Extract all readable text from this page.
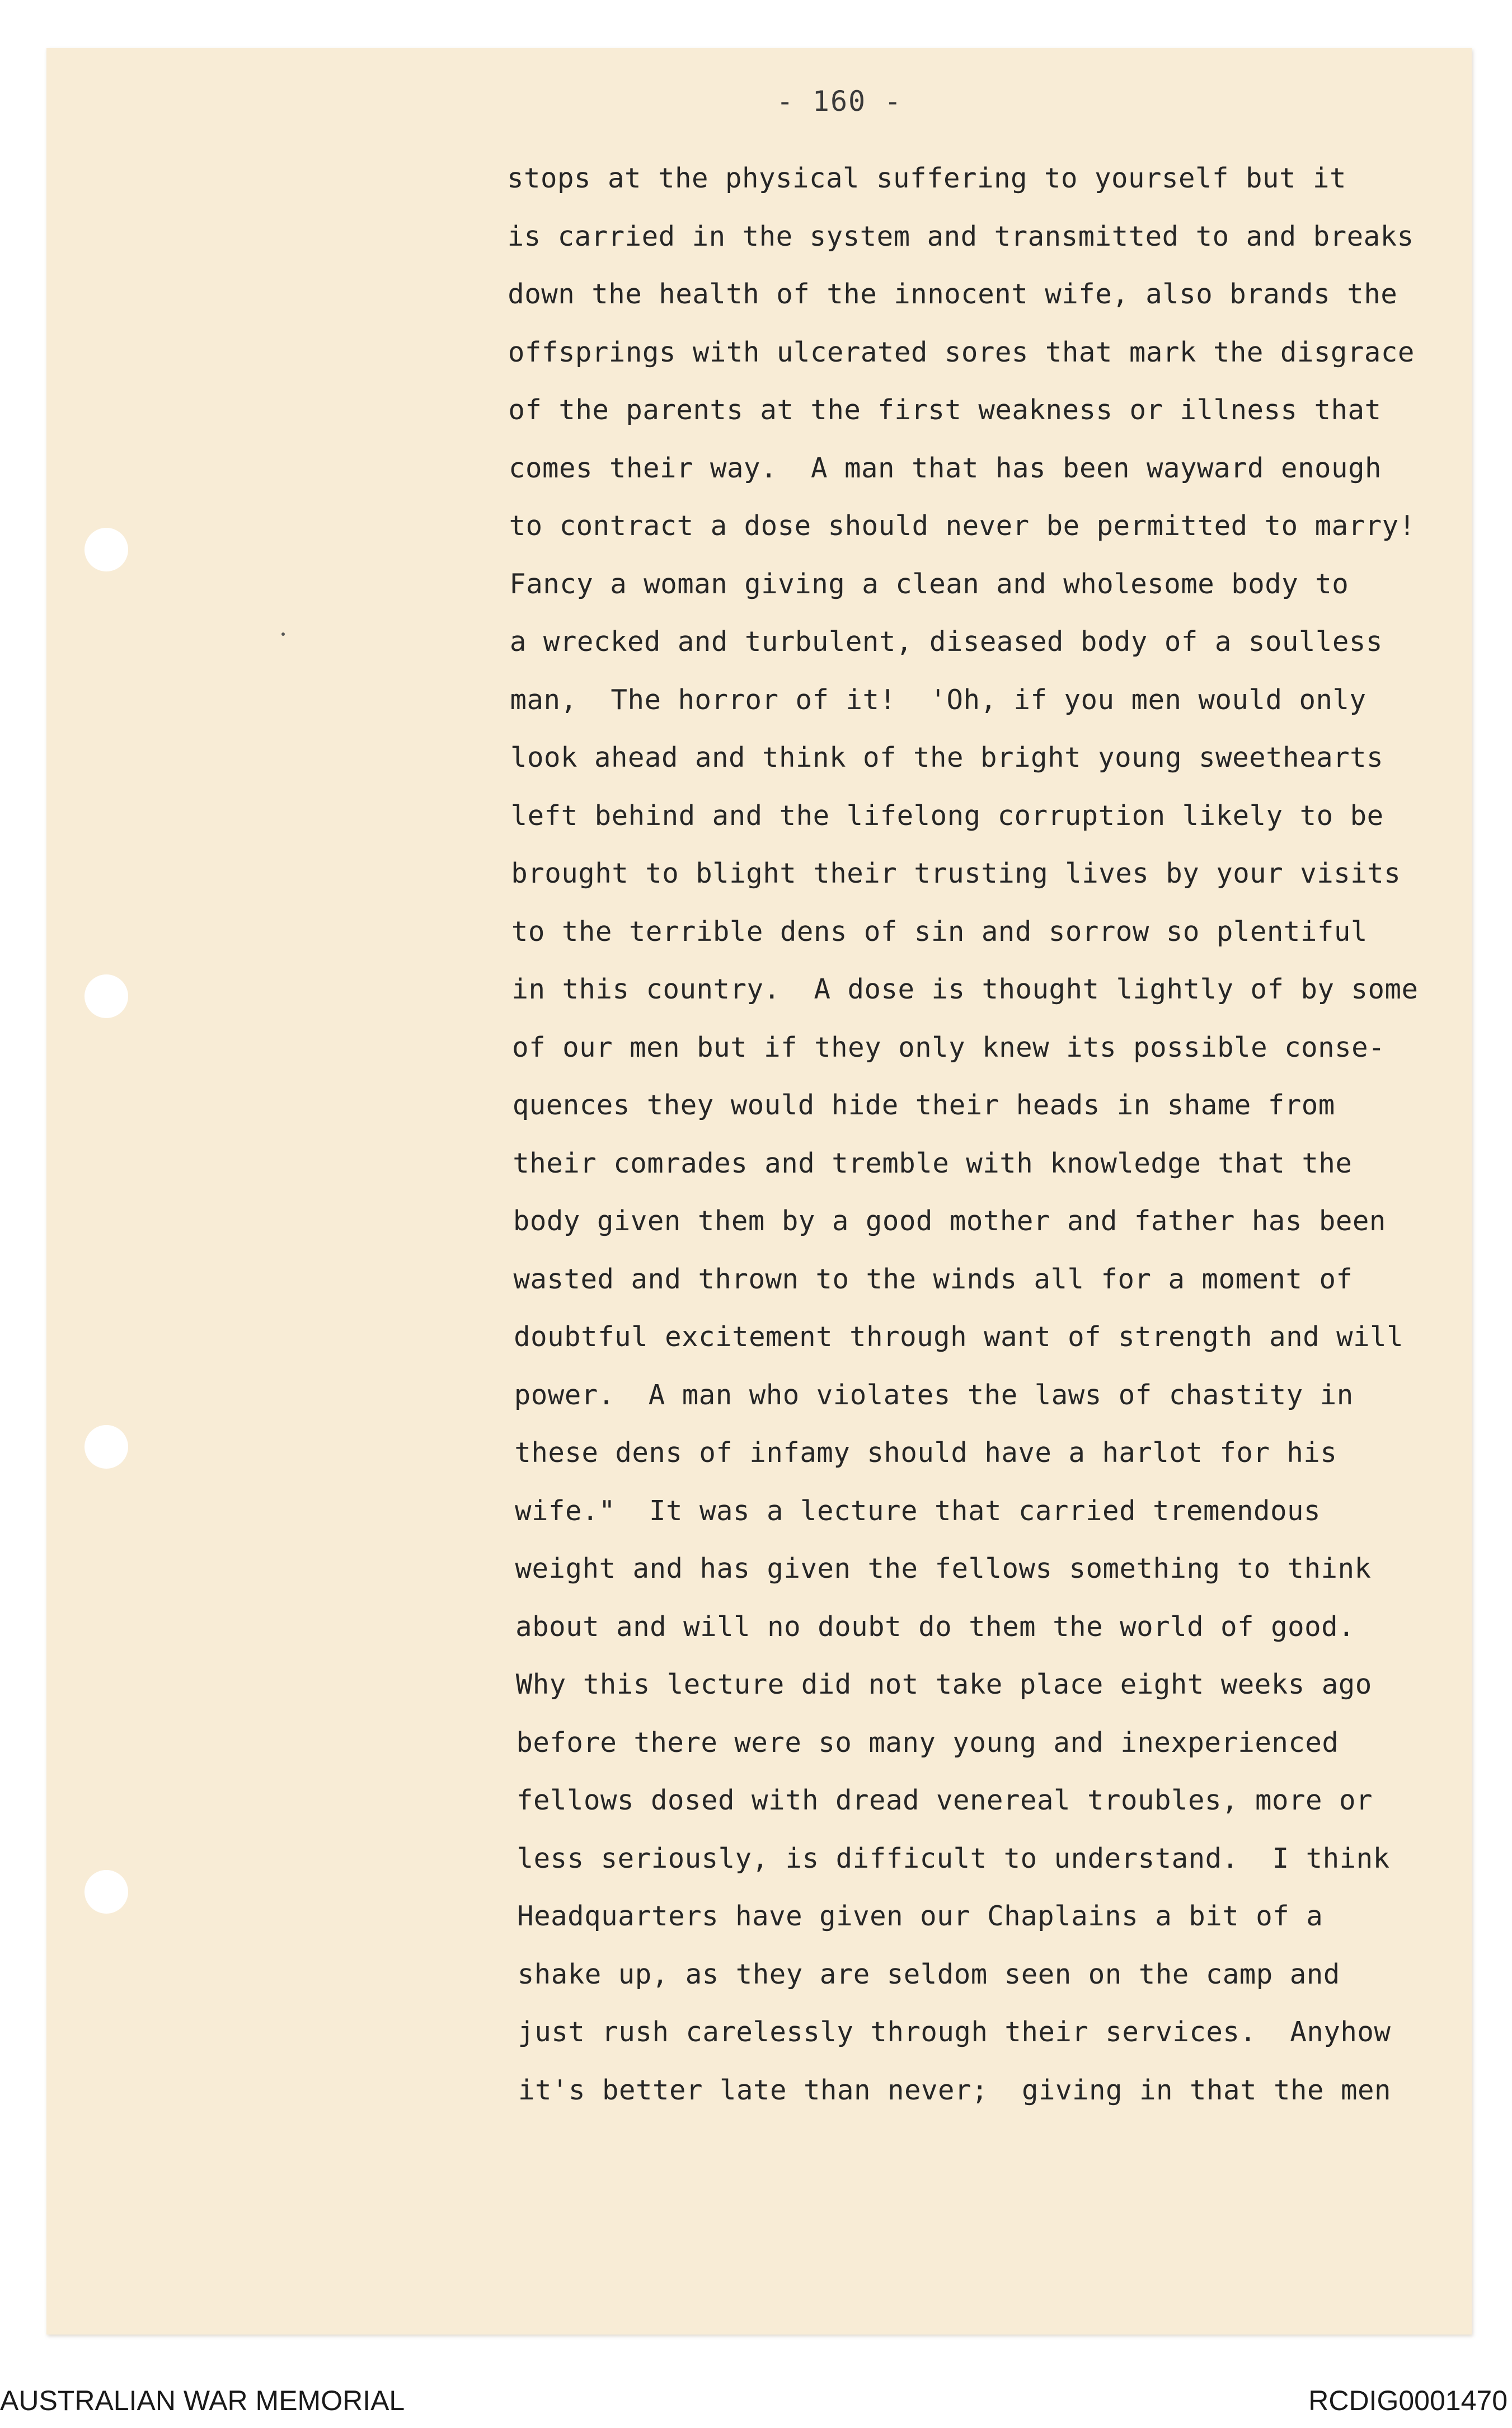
- 160 -
stops at the physical suffering to yourself but it
is carried in the system and transmitted to and breaks
down the health of the innocent wife, also brands the
offsprings with ulcerated sores that mark the disgrace
of the parents at the first weakness or illness that
comes their way.  A man that has been wayward enough
to contract a dose should never be permitted to marry!
Fancy a woman giving a clean and wholesome body to
a wrecked and turbulent, diseased body of a soulless
man,  The horror of it!  'Oh, if you men would only
look ahead and think of the bright young sweethearts
left behind and the lifelong corruption likely to be
brought to blight their trusting lives by your visits
to the terrible dens of sin and sorrow so plentiful
in this country.  A dose is thought lightly of by some
of our men but if they only knew its possible conse-
quences they would hide their heads in shame from
their comrades and tremble with knowledge that the
body given them by a good mother and father has been
wasted and thrown to the winds all for a moment of
doubtful excitement through want of strength and will
power.  A man who violates the laws of chastity in
these dens of infamy should have a harlot for his
wife."  It was a lecture that carried tremendous
weight and has given the fellows something to think
about and will no doubt do them the world of good.
Why this lecture did not take place eight weeks ago
before there were so many young and inexperienced
fellows dosed with dread venereal troubles, more or
less seriously, is difficult to understand.  I think
Headquarters have given our Chaplains a bit of a
shake up, as they are seldom seen on the camp and
just rush carelessly through their services.  Anyhow
it's better late than never;  giving in that the men
AUSTRALIAN WAR MEMORIAL	RCDIG0001470
